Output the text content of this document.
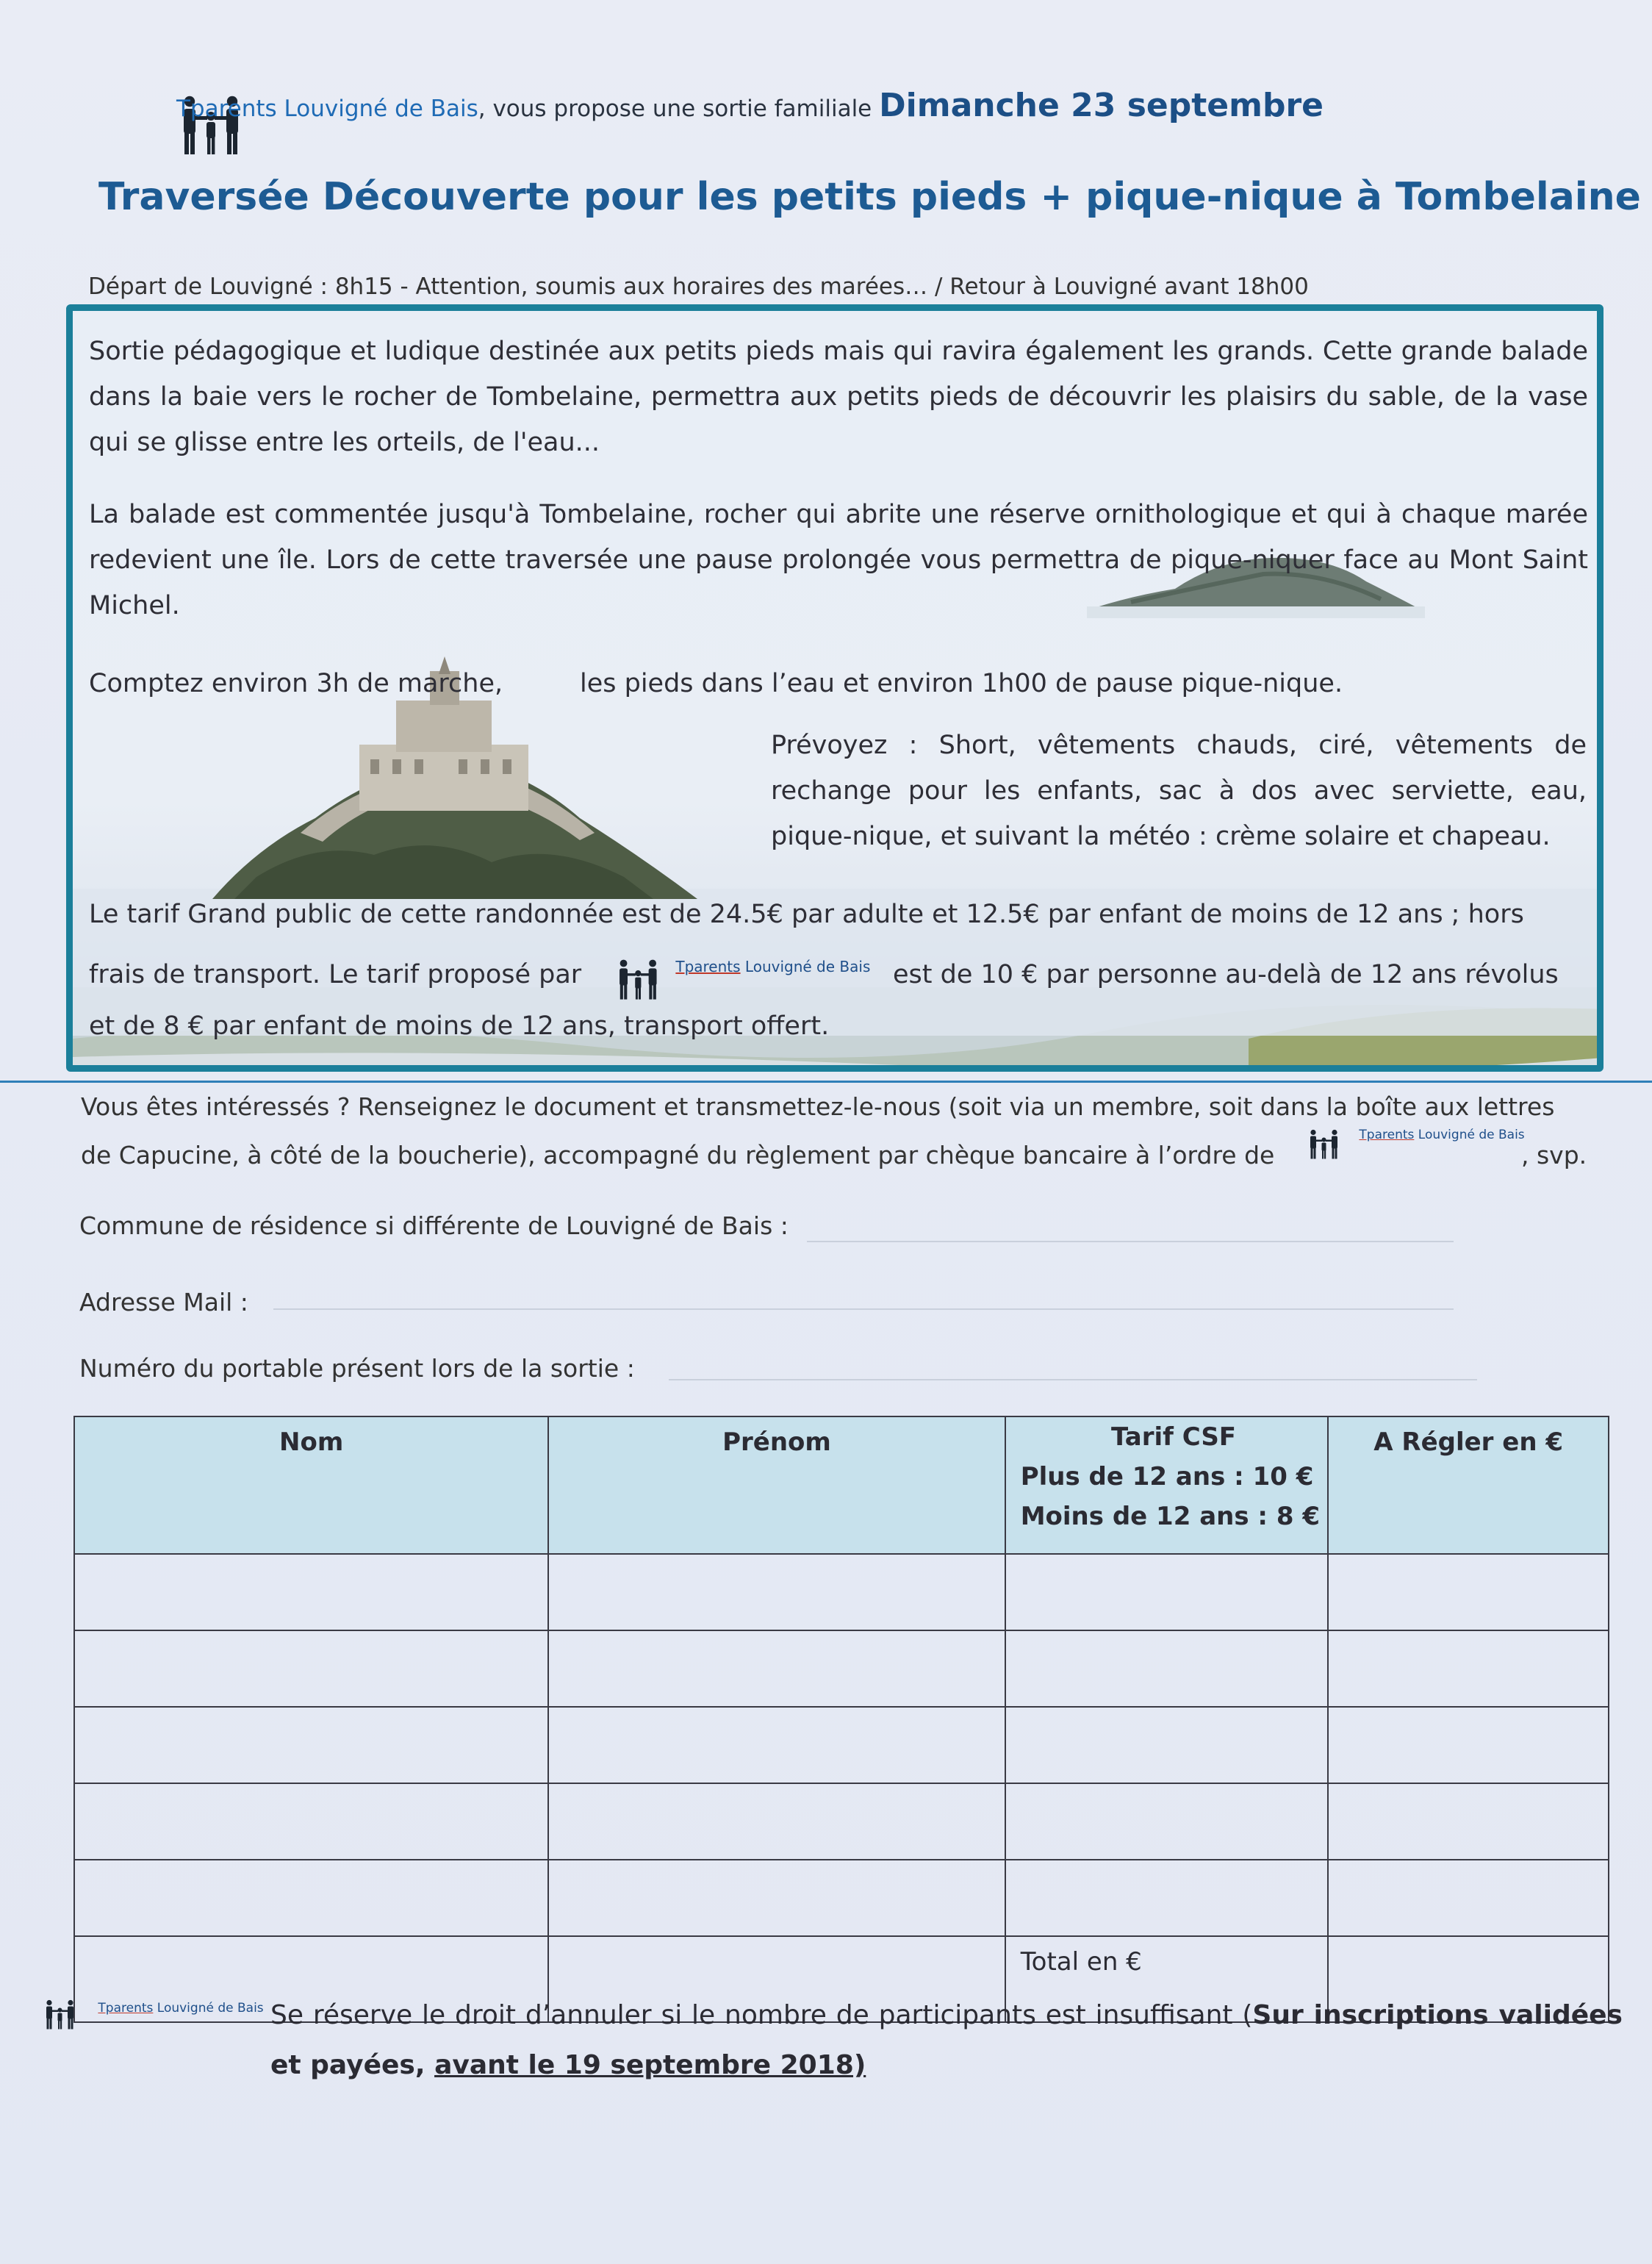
Tparents Louvigné de Bais, vous propose une sortie familiale Dimanche 23 septembre
Traversée Découverte pour les petits pieds + pique-nique à Tombelaine
Départ de Louvigné : 8h15 - Attention, soumis aux horaires des marées… / Retour à Louvigné avant 18h00

Sortie pédagogique et ludique destinée aux petits pieds mais qui ravira également les grands. Cette grande balade dans la baie vers le rocher de Tombelaine, permettra aux petits pieds de découvrir les plaisirs du sable, de la vase qui se glisse entre les orteils, de l'eau...

La balade est commentée jusqu'à Tombelaine, rocher qui abrite une réserve ornithologique et qui à chaque marée redevient une île. Lors de cette traversée une pause prolongée vous permettra de pique-niquer face au Mont Saint Michel.

Comptez environ 3h de marche,	les pieds dans l’eau et environ 1h00 de pause pique-nique.

Prévoyez : Short, vêtements chauds, ciré, vêtements de rechange pour les enfants, sac à dos avec serviette, eau, pique-nique, et suivant la météo : crème solaire et chapeau.

Le tarif Grand public de cette randonnée est de 24.5€ par adulte et 12.5€ par enfant de moins de 12 ans ; hors

frais de transport. Le tarif proposé par	Tparents Louvigné de Bais est de 10 € par personne au-delà de 12 ans révolus

et de 8 € par enfant de moins de 12 ans, transport offert.

Vous êtes intéressés ? Renseignez le document et transmettez-le-nous (soit via un membre, soit dans la boîte aux lettres
de Capucine, à côté de la boucherie), accompagné du règlement par chèque bancaire à l’ordre de
Tparents Louvigné de Bais
, svp.
Commune de résidence si différente de Louvigné de Bais :
Adresse Mail :
Numéro du portable présent lors de la sortie :
Nom	Prénom	Tarif CSF
Plus de 12 ans : 10 €
Moins de 12 ans : 8 €	A Régler en €

		Total en €	
Tparents Louvigné de Bais Se réserve le droit d’annuler si le nombre de participants est insuffisant (Sur inscriptions validées et payées, avant le 19 septembre 2018)
